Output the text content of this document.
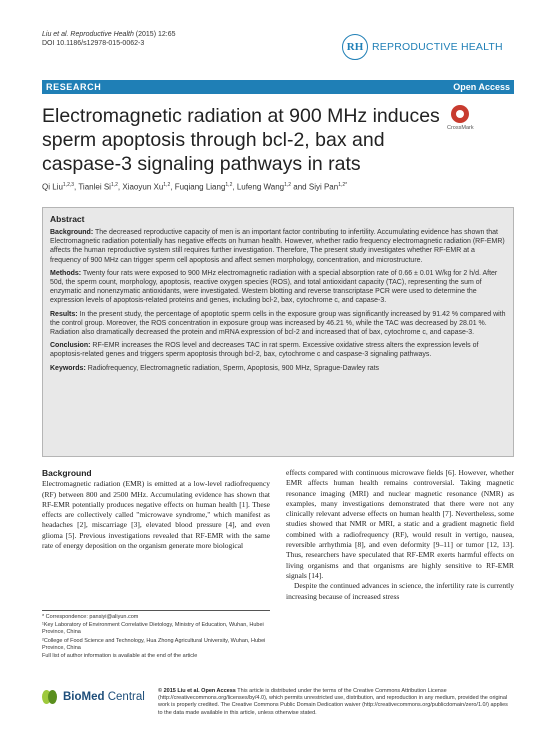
Liu et al. Reproductive Health (2015) 12:65
DOI 10.1186/s12978-015-0062-3	RH REPRODUCTIVE HEALTH
RESEARCH	Open Access
Electromagnetic radiation at 900 MHz induces sperm apoptosis through bcl-2, bax and caspase-3 signaling pathways in rats
CrossMark
Qi Liu$^{1,2,3}$, Tianlei Si$^{1,2}$, Xiaoyun Xu$^{1,2}$, Fuqiang Liang$^{1,2}$, Lufeng Wang$^{1,2}$ and Siyi Pan$^{1,2*}$
Abstract

Background: The decreased reproductive capacity of men is an important factor contributing to infertility. Accumulating evidence has shown that Electromagnetic radiation potentially has negative effects on human health. However, whether radio frequency electromagnetic radiation (RF-EMR) affects the human reproductive system still requires further investigation. Therefore, The present study investigates whether RF-EMR at a frequency of 900 MHz can trigger sperm cell apoptosis and affect semen morphology, concentration, and microstructure.

Methods: Twenty four rats were exposed to 900 MHz electromagnetic radiation with a special absorption rate of 0.66 ± 0.01 W/kg for 2 h/d. After 50d, the sperm count, morphology, apoptosis, reactive oxygen species (ROS), and total antioxidant capacity (TAC), representing the sum of enzymatic and nonenzymatic antioxidants, were investigated. Western blotting and reverse transcriptase PCR were used to determine the expression levels of apoptosis-related proteins and genes, including bcl-2, bax, cytochrome c, and capase-3.

Results: In the present study, the percentage of apoptotic sperm cells in the exposure group was significantly increased by 91.42 % compared with the control group. Moreover, the ROS concentration in exposure group was increased by 46.21 %, while the TAC was decreased by 28.01 %. Radiation also dramatically decreased the protein and mRNA expression of bcl-2 and increased that of bax, cytochrome c, and capase-3.

Conclusion: RF-EMR increases the ROS level and decreases TAC in rat sperm. Excessive oxidative stress alters the expression levels of apoptosis-related genes and triggers sperm apoptosis through bcl-2, bax, cytochrome c and caspase-3 signaling pathways.

Keywords: Radiofrequency, Electromagnetic radiation, Sperm, Apoptosis, 900 MHz, Sprague-Dawley rats

Background

Electromagnetic radiation (EMR) is emitted at a low-level radiofrequency (RF) between 800 and 2500 MHz. Accumulating evidence has shown that RF-EMR potentially produces negative effects on human health [1]. These effects are collectively called "microwave syndrome," which manifest as headaches [2], miscarriage [3], elevated blood pressure [4], and even glioma [5]. Previous investigations revealed that RF-EMR with the same rate of energy deposition on the organism generate more biological

effects compared with continuous microwave fields [6]. However, whether EMR affects human health remains controversial. Taking magnetic resonance imaging (MRI) and nuclear magnetic resonance (NMR) as examples, many investigations demonstrated that there were not any clinically relevant adverse effects on human health [7]. Nevertheless, some studies showed that NMR or MRI, a static and a gradient magnetic field combined with a radiofrequency (RF), would result in vertigo, nausea, reversible arrhythmia [8], and even deformity [9–11] or tumor [12, 13]. Thus, researchers have speculated that RF-EMR exerts harmful effects on living organisms and that organisms are highly sensitive to RF-EMR signals [14].

Despite the continued advances in science, the infertility rate is currently increasing because of increased stress

* Correspondence: pansiyi@aliyun.com
¹Key Laboratory of Environment Correlative Dietology, Ministry of Education, Wuhan, Hubei Province, China
²College of Food Science and Technology, Hua Zhong Agricultural University, Wuhan, Hubei Province, China
Full list of author information is available at the end of the article
BioMed Central © 2015 Liu et al. Open Access This article is distributed under the terms of the Creative Commons Attribution License (http://creativecommons.org/licenses/by/4.0), which permits unrestricted use, distribution, and reproduction in any medium, provided the original work is properly credited. The Creative Commons Public Domain Dedication waiver (http://creativecommons.org/publicdomain/zero/1.0/) applies to the data made available in this article, unless otherwise stated.
